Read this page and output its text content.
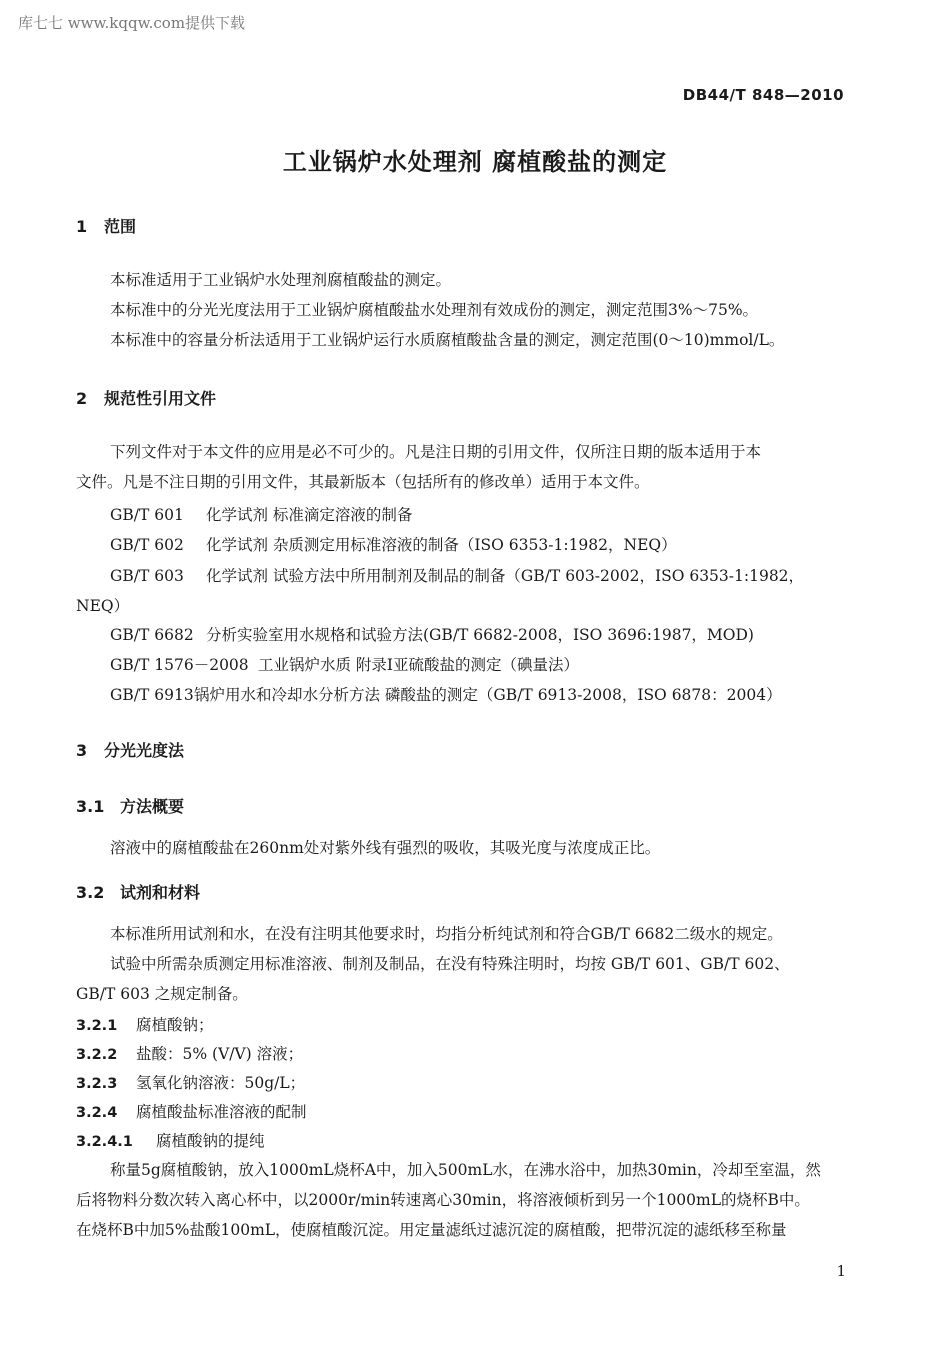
库七七 www.kqqw.com提供下载
DB44/T 848—2010
工业锅炉水处理剂 腐植酸盐的测定
1 范围
本标准适用于工业锅炉水处理剂腐植酸盐的测定。
本标准中的分光光度法用于工业锅炉腐植酸盐水处理剂有效成份的测定，测定范围3%～75%。
本标准中的容量分析法适用于工业锅炉运行水质腐植酸盐含量的测定，测定范围(0～10)mmol/L。
2 规范性引用文件
下列文件对于本文件的应用是必不可少的。凡是注日期的引用文件，仅所注日期的版本适用于本
文件。凡是不注日期的引用文件，其最新版本（包括所有的修改单）适用于本文件。
GB/T 601 化学试剂 标准滴定溶液的制备
GB/T 602 化学试剂 杂质测定用标准溶液的制备（ISO 6353-1:1982，NEQ）
GB/T 603 化学试剂 试验方法中所用制剂及制品的制备（GB/T 603-2002，ISO 6353-1:1982，
NEQ）
GB/T 6682 分析实验室用水规格和试验方法(GB/T 6682-2008，ISO 3696:1987，MOD)
GB/T 1576－2008 工业锅炉水质 附录I亚硫酸盐的测定（碘量法）
GB/T 6913锅炉用水和冷却水分析方法 磷酸盐的测定（GB/T 6913-2008，ISO 6878：2004）
3 分光光度法
3.1 方法概要
溶液中的腐植酸盐在260nm处对紫外线有强烈的吸收，其吸光度与浓度成正比。
3.2 试剂和材料
本标准所用试剂和水，在没有注明其他要求时，均指分析纯试剂和符合GB/T 6682二级水的规定。
试验中所需杂质测定用标准溶液、制剂及制品，在没有特殊注明时，均按 GB/T 601、GB/T 602、
GB/T 603 之规定制备。
3.2.1 腐植酸钠；
3.2.2 盐酸：5% (V/V) 溶液；
3.2.3 氢氧化钠溶液：50g/L；
3.2.4 腐植酸盐标准溶液的配制
3.2.4.1 腐植酸钠的提纯
称量5g腐植酸钠，放入1000mL烧杯A中，加入500mL水，在沸水浴中，加热30min，冷却至室温，然
后将物料分数次转入离心杯中，以2000r/min转速离心30min，将溶液倾析到另一个1000mL的烧杯B中。
在烧杯B中加5%盐酸100mL，使腐植酸沉淀。用定量滤纸过滤沉淀的腐植酸，把带沉淀的滤纸移至称量
1
